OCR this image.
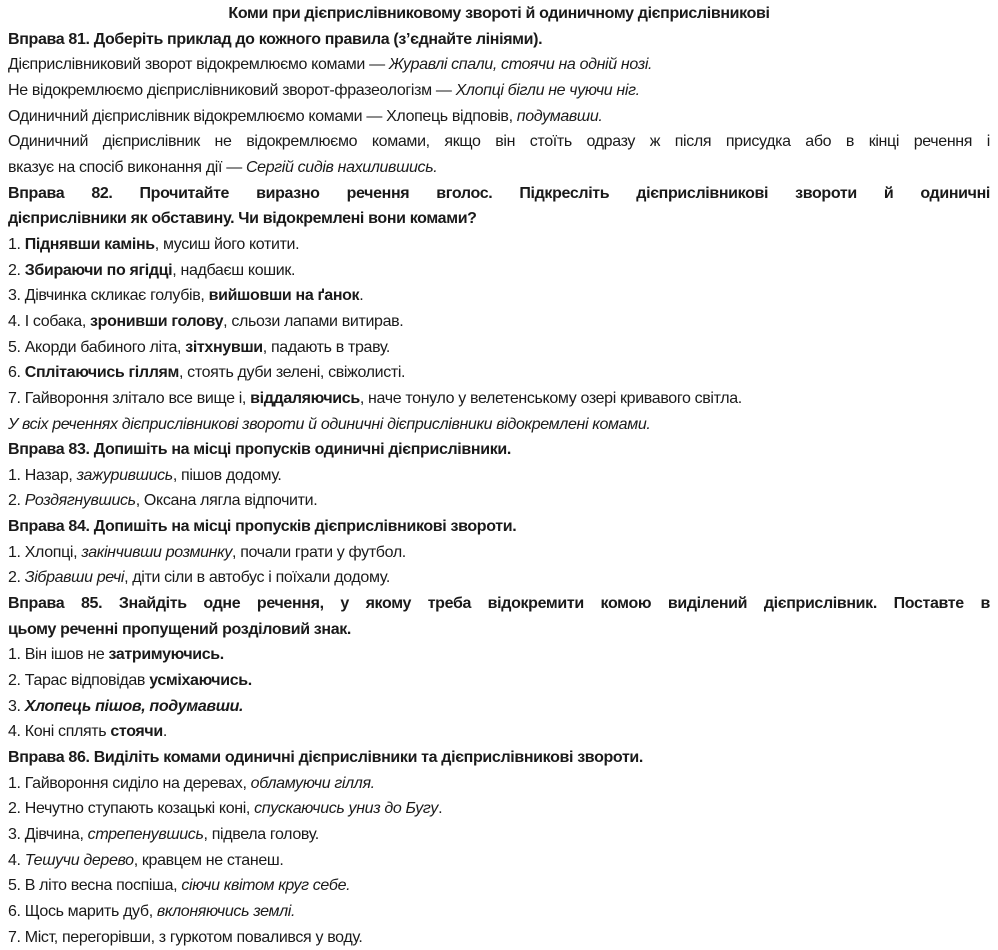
Коми при дієприслівниковому звороті й одиничному дієприслівникові
Вправа 81. Доберіть приклад до кожного правила (з’єднайте лініями).
Дієприслівниковий зворот відокремлюємо комами — Журавлі спали, стоячи на одній нозі.
Не відокремлюємо дієприслівниковий зворот-фразеологізм — Хлопці бігли не чуючи ніг.
Одиничний дієприслівник відокремлюємо комами — Хлопець відповів, подумавши.
Одиничний дієприслівник не відокремлюємо комами, якщо він стоїть одразу ж після присудка або в кінці речення і
вказує на спосіб виконання дії — Сергій сидів нахилившись.
Вправа 82. Прочитайте виразно речення вголос. Підкресліть дієприслівникові звороти й одиничні
дієприслівники як обставину. Чи відокремлені вони комами?
1. Піднявши камінь, мусиш його котити.
2. Збираючи по ягідці, надбаєш кошик.
3. Дівчинка скликає голубів, вийшовши на ґанок.
4. І собака, зронивши голову, сльози лапами витирав.
5. Акорди бабиного літа, зітхнувши, падають в траву.
6. Сплітаючись гіллям, стоять дуби зелені, свіжолисті.
7. Гайвороння злітало все вище і, віддаляючись, наче тонуло у велетенському озері кривавого світла.
У всіх реченнях дієприслівникові звороти й одиничні дієприслівники відокремлені комами.
Вправа 83. Допишіть на місці пропусків одиничні дієприслівники.
1. Назар, зажурившись, пішов додому.
2. Роздягнувшись, Оксана лягла відпочити.
Вправа 84. Допишіть на місці пропусків дієприслівникові звороти.
1. Хлопці, закінчивши розминку, почали грати у футбол.
2. Зібравши речі, діти сіли в автобус і поїхали додому.
Вправа 85. Знайдіть одне речення, у якому треба відокремити комою виділений дієприслівник. Поставте в
цьому реченні пропущений розділовий знак.
1. Він ішов не затримуючись.
2. Тарас відповідав усміхаючись.
3. Хлопець пішов, подумавши.
4. Коні сплять стоячи.
Вправа 86. Виділіть комами одиничні дієприслівники та дієприслівникові звороти.
1. Гайвороння сиділо на деревах, обламуючи гілля.
2. Нечутно ступають козацькі коні, спускаючись униз до Бугу.
3. Дівчина, стрепенувшись, підвела голову.
4. Тешучи дерево, кравцем не станеш.
5. В літо весна поспіша, сіючи квітом круг себе.
6. Щось марить дуб, вклоняючись землі.
7. Міст, перегорівши, з гуркотом повалився у воду.
